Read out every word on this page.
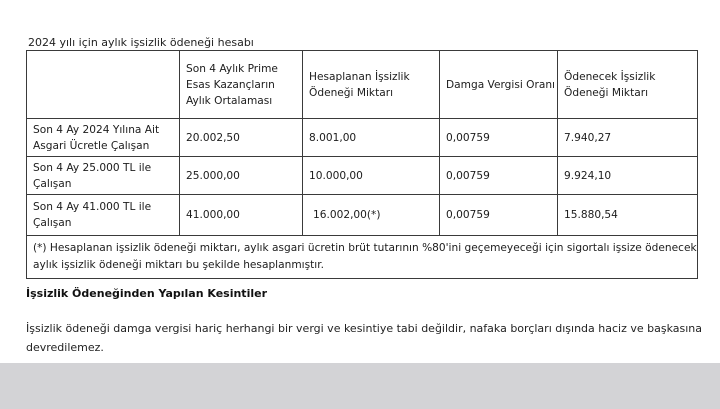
2024 yılı için aylık işsizlik ödeneği hesabı
	Son 4 Aylık Prime Esas Kazançların Aylık Ortalaması	Hesaplanan İşsizlik Ödeneği Miktarı	Damga Vergisi Oranı	Ödenecek İşsizlik Ödeneği Miktarı
Son 4 Ay 2024 Yılına Ait Asgari Ücretle Çalışan	20.002,50	8.001,00	0,00759	7.940,27
Son 4 Ay 25.000 TL ile Çalışan	25.000,00	10.000,00	0,00759	9.924,10
Son 4 Ay 41.000 TL ile Çalışan	41.000,00	16.002,00(*)	0,00759	15.880,54
(*) Hesaplanan işsizlik ödeneği miktarı, aylık asgari ücretin brüt tutarının %80'ini geçemeyeceği için sigortalı işsize ödenecek aylık işsizlik ödeneği miktarı bu şekilde hesaplanmıştır.				
İşsizlik Ödeneğinden Yapılan Kesintiler
İşsizlik ödeneği damga vergisi hariç herhangi bir vergi ve kesintiye tabi değildir, nafaka borçları dışında haciz ve başkasına devredilemez.
